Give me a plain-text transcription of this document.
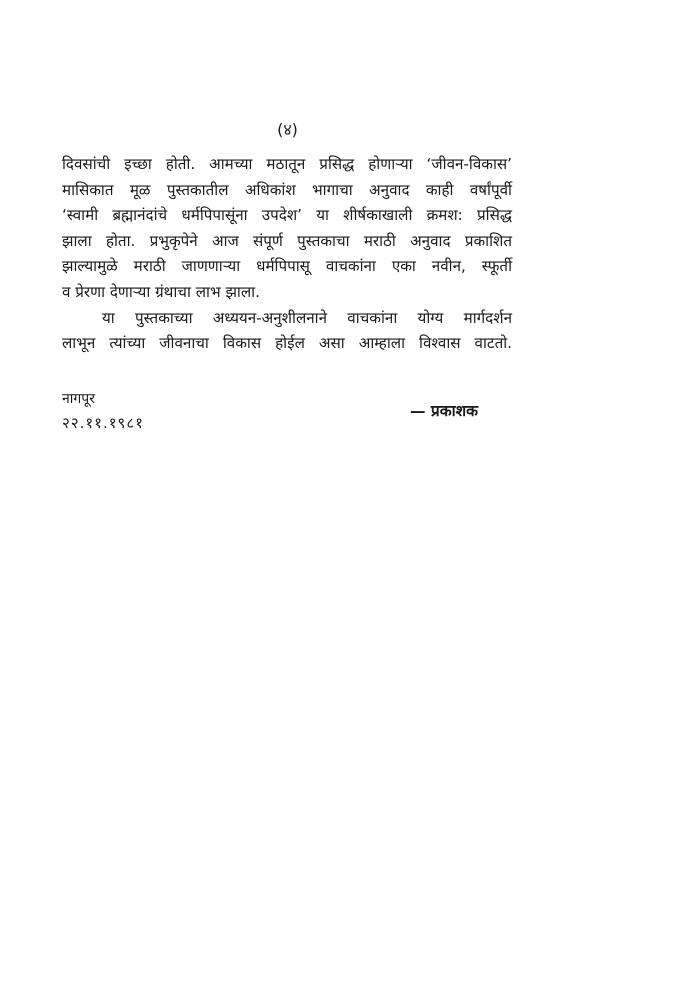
(४)

दिवसांची इच्छा होती. आमच्या मठातून प्रसिद्ध होणाऱ्या ‘जीवन-विकास’
मासिकात मूळ पुस्तकातील अधिकांश भागाचा अनुवाद काही वर्षांपूर्वी
‘स्वामी ब्रह्मानंदांचे धर्मपिपासूंना उपदेश’ या शीर्षकाखाली क्रमश: प्रसिद्ध
झाला होता. प्रभुकृपेने आज संपूर्ण पुस्तकाचा मराठी अनुवाद प्रकाशित
झाल्यामुळे मराठी जाणणाऱ्या धर्मपिपासू वाचकांना एका नवीन, स्फूर्ती
व प्रेरणा देणाऱ्या ग्रंथाचा लाभ झाला.

या पुस्तकाच्या अध्ययन-अनुशीलनाने वाचकांना योग्य मार्गदर्शन
लाभून त्यांच्या जीवनाचा विकास होईल असा आम्हाला विश्वास वाटतो.

नागपूर
२२.११.१९८१
— प्रकाशक
